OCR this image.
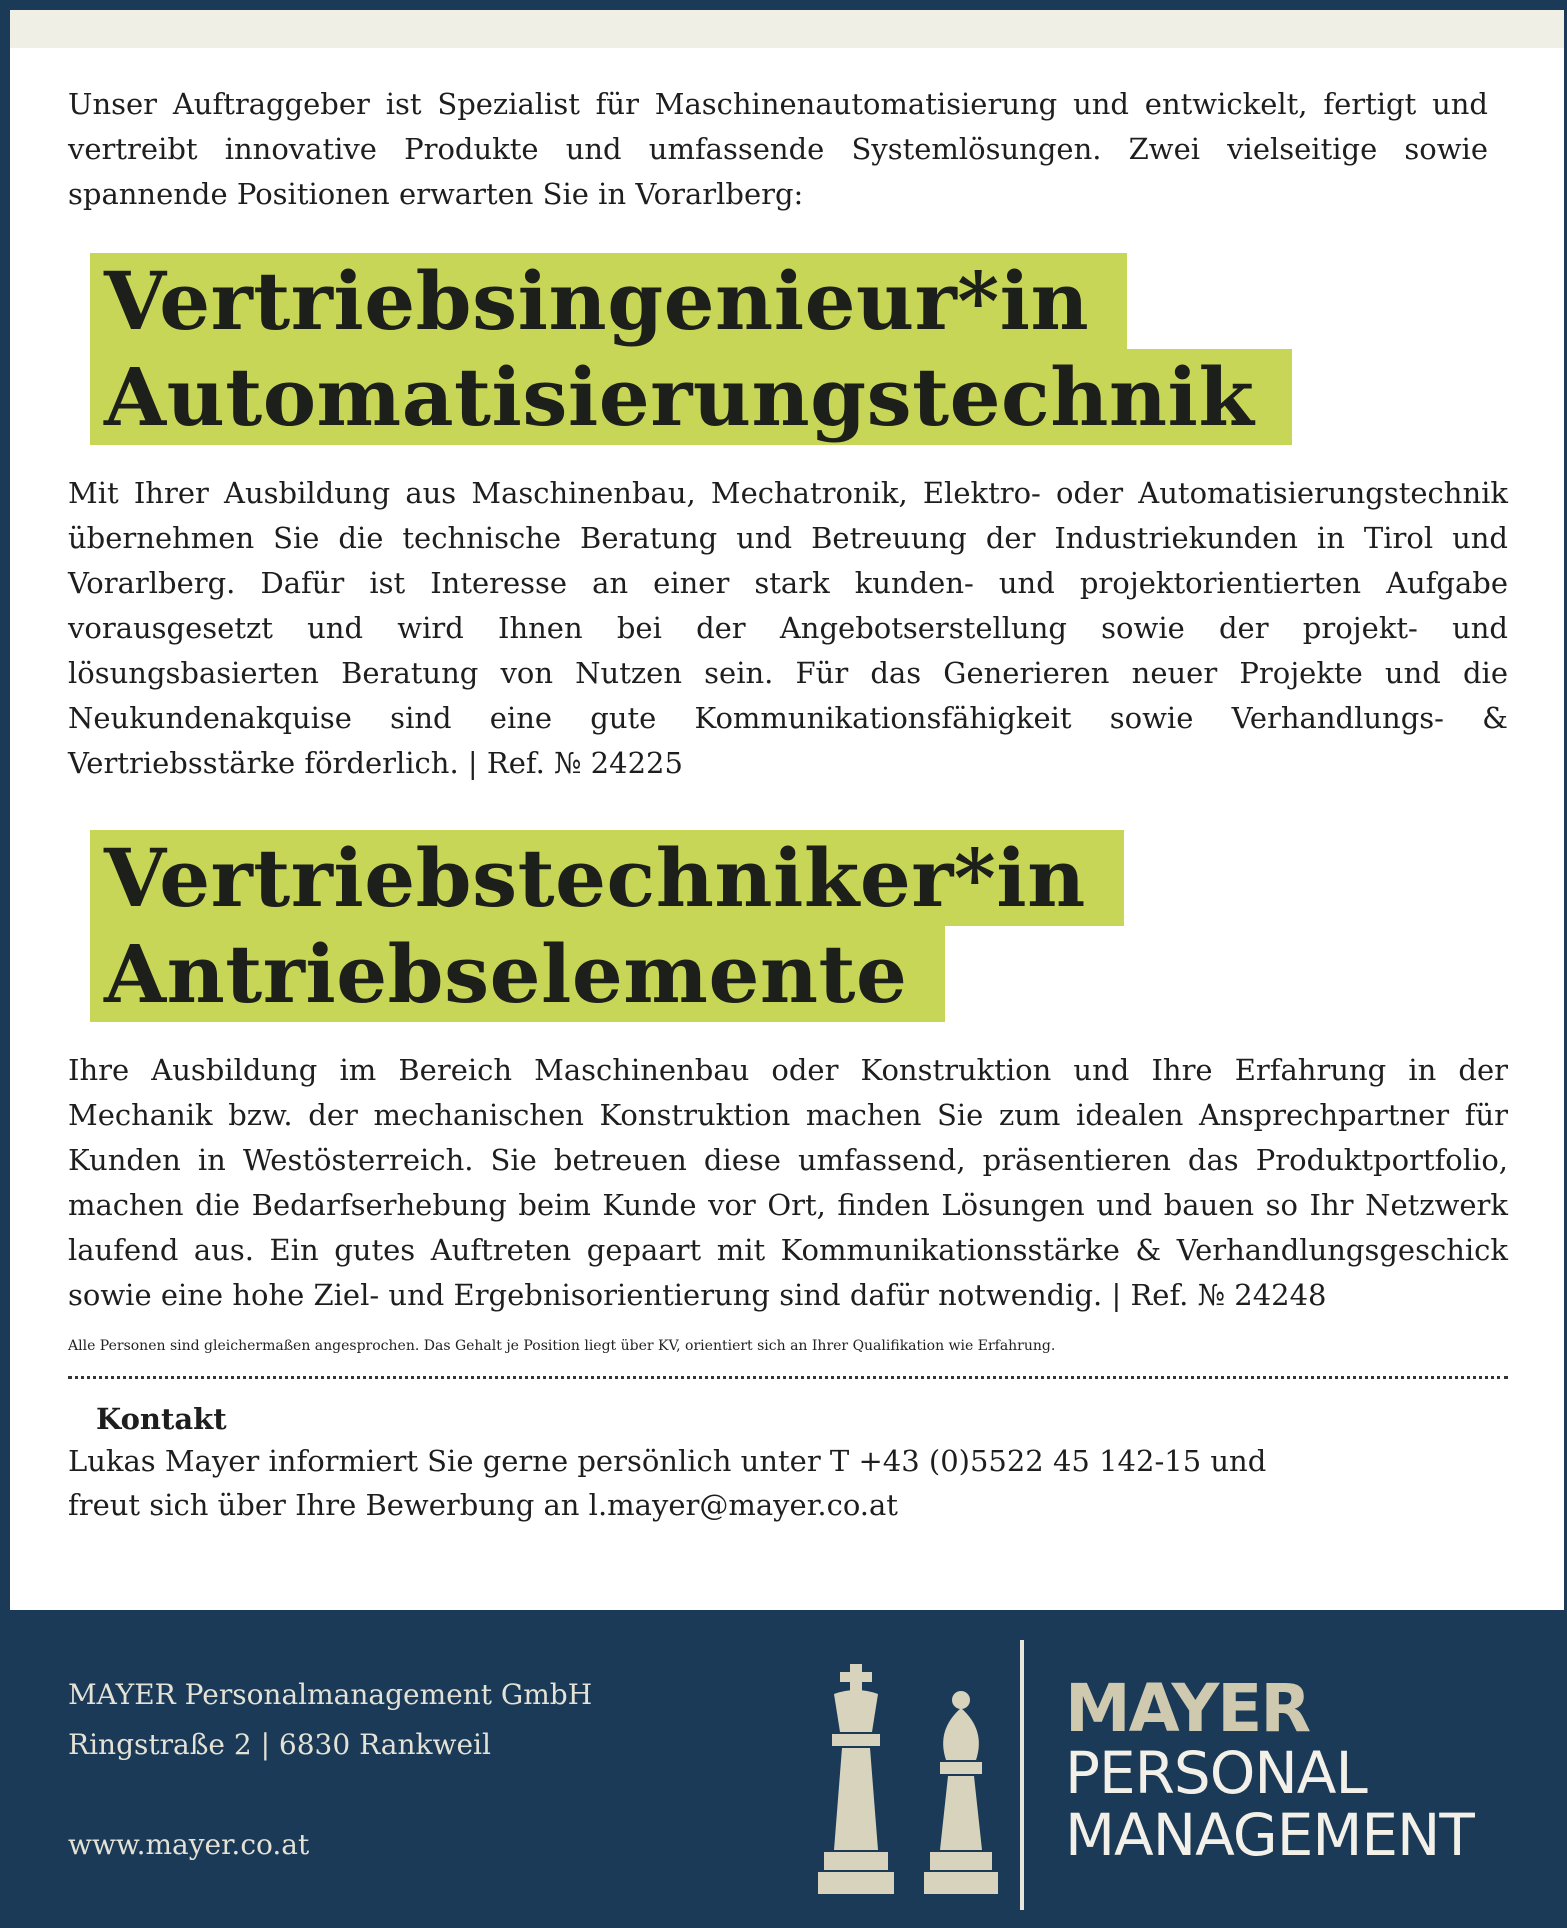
Unser Auftraggeber ist Spezialist für Maschinenautomatisierung und entwickelt, fertigt und vertreibt innovative Produkte und umfassende Systemlösungen. Zwei vielseitige sowie spannende Positionen erwarten Sie in Vorarlberg:

Vertriebsingenieur*in
Automatisierungstechnik

Mit Ihrer Ausbildung aus Maschinenbau, Mechatronik, Elektro- oder Automatisierungstechnik übernehmen Sie die technische Beratung und Betreuung der Industriekunden in Tirol und Vorarlberg. Dafür ist Interesse an einer stark kunden- und projektorientierten Aufgabe vorausgesetzt und wird Ihnen bei der Angebotserstellung sowie der projekt- und lösungsbasierten Beratung von Nutzen sein. Für das Generieren neuer Projekte und die Neukundenakquise sind eine gute Kommunikationsfähigkeit sowie Verhandlungs- & Vertriebsstärke förderlich. | Ref. № 24225

Vertriebstechniker*in
Antriebselemente

Ihre Ausbildung im Bereich Maschinenbau oder Konstruktion und Ihre Erfahrung in der Mechanik bzw. der mechanischen Konstruktion machen Sie zum idealen Ansprechpartner für Kunden in Westösterreich. Sie betreuen diese umfassend, präsentieren das Produktportfolio, machen die Bedarfserhebung beim Kunde vor Ort, finden Lösungen und bauen so Ihr Netzwerk laufend aus. Ein gutes Auftreten gepaart mit Kommunikationsstärke & Verhandlungsgeschick sowie eine hohe Ziel- und Ergebnisorientierung sind dafür notwendig. | Ref. № 24248

Alle Personen sind gleichermaßen angesprochen. Das Gehalt je Position liegt über KV, orientiert sich an Ihrer Qualifikation wie Erfahrung.

Kontakt

Lukas Mayer informiert Sie gerne persönlich unter T +43 (0)5522 45 142-15 und

freut sich über Ihre Bewerbung an l.mayer@mayer.co.at

MAYER Personalmanagement GmbH

Ringstraße 2 | 6830 Rankweil

www.mayer.co.at

MAYER

PERSONAL

MANAGEMENT
